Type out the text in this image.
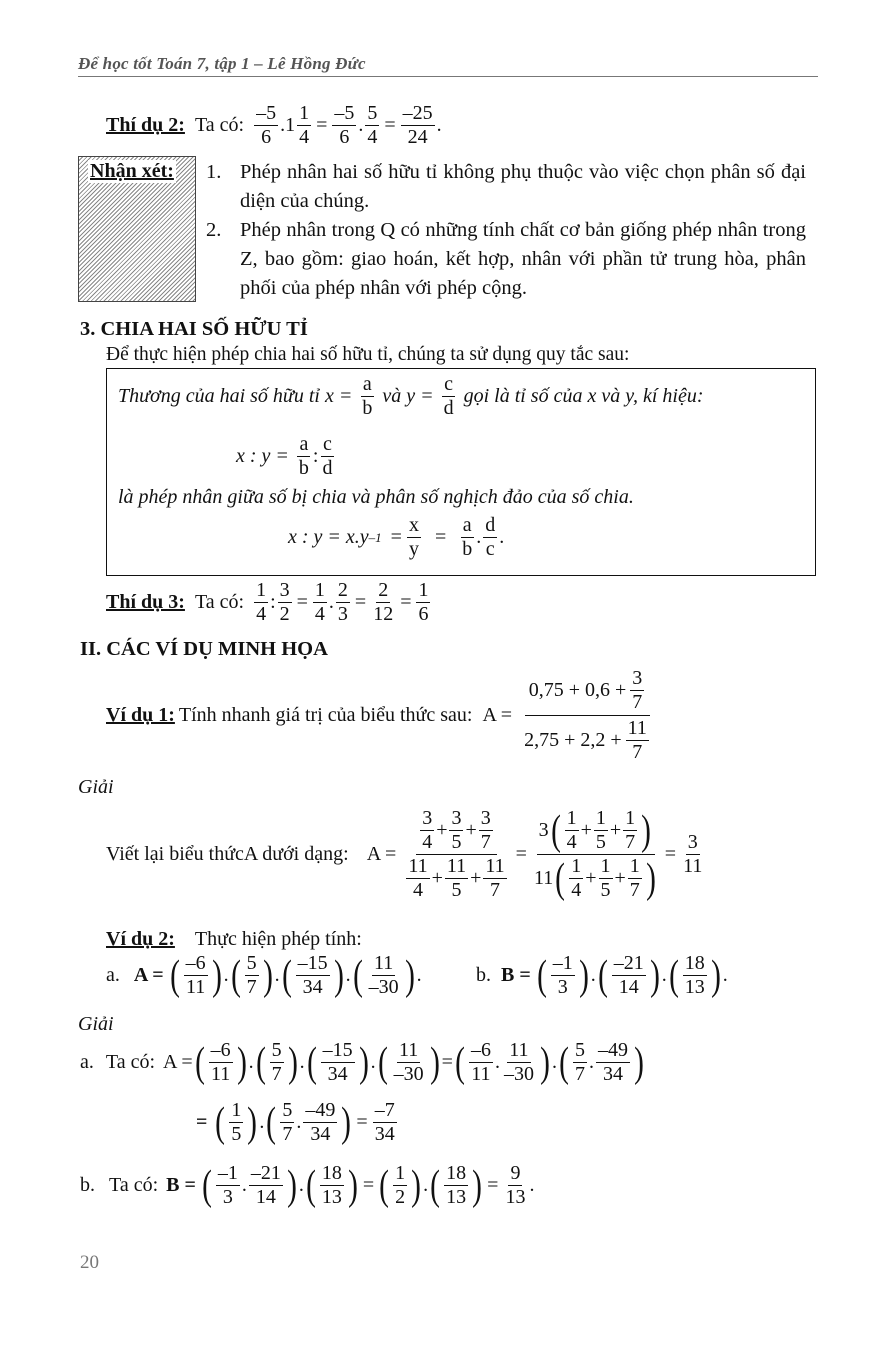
Để học tốt Toán 7, tập 1 – Lê Hồng Đức
Thí dụ 2: Ta có: $\frac{-5}{6}$ . $1 \frac{1}{4} = \frac{-5}{6}$ . $\frac{5}{4} = \frac{-25}{24}$ .
Nhận xét: 1. Phép nhân hai số hữu tỉ không phụ thuộc vào việc chọn phân số đại diện của chúng.
2. Phép nhân trong Q có những tính chất cơ bản giống phép nhân trong Z, bao gồm: giao hoán, kết hợp, nhân với phần tử trung hòa, phân phối của phép nhân với phép cộng.
3. CHIA HAI SỐ HỮU TỈ
Để thực hiện phép chia hai số hữu tỉ, chúng ta sử dụng quy tắc sau:
Thương của hai số hữu tỉ $x = \frac{a}{b}$ và $y = \frac{c}{d}$ gọi là tỉ số của x và y, kí hiệu:
x : $y = \frac{a}{b}$ : $\frac{c}{d}$
là phép nhân giữa số bị chia và phân số nghịch đảo của số chia.
x : y = x.y $-1 = \frac{x}{y} = \frac{a}{b}$ . $\frac{d}{c}$ .
Thí dụ 3: Ta có: $\frac{1}{4}$ : $\frac{3}{2} = \frac{1}{4}$ . $\frac{2}{3} = \frac{2}{12} = \frac{1}{6}$
II. CÁC VÍ DỤ MINH HỌA
Ví dụ 1: Tính nhanh giá trị của biểu thức sau: $A = \frac{0,75 + 0,6 + \frac{3}{7}}{2,75 + 2,2 + \frac{11}{7}}$
Giải
Viết lại biểu thứcA dưới dạng: $A = \frac{\frac{3}{4} + \frac{3}{5} + \frac{3}{7}}{\frac{11}{4} + \frac{11}{5} + \frac{11}{7}} = \frac{3 ( \frac{1}{4} + \frac{1}{5} + \frac{1}{7} )}{11 ( \frac{1}{4} + \frac{1}{5} + \frac{1}{7} )} = \frac{3}{11}$
Ví dụ 2: Thực hiện phép tính:
a. A = ( $\frac{-6}{11}$ ) . ( $\frac{5}{7}$ ) . ( $\frac{-15}{34}$ ) . ( $\frac{11}{-30}$ ) .	b. B = ( $\frac{-1}{3}$ ) . ( $\frac{-21}{14}$ ) . ( $\frac{18}{13}$ ) .
Giải
a. Ta có: A = ( $\frac{-6}{11}$ ) . ( $\frac{5}{7}$ ) . ( $\frac{-15}{34}$ ) . ( $\frac{11}{-30}$ ) = ( $\frac{-6}{11}$ . $\frac{11}{-30}$ ) . ( $\frac{5}{7}$ . $\frac{-49}{34}$ )
= ( $\frac{1}{5}$ ) . ( $\frac{5}{7}$ . $\frac{-49}{34}$ ) = $\frac{-7}{34}$
b. Ta có: B = ( $\frac{-1}{3}$ . $\frac{-21}{14}$ ) . ( $\frac{18}{13}$ ) = ( $\frac{1}{2}$ ) . ( $\frac{18}{13}$ ) = $\frac{9}{13}$ .
20
